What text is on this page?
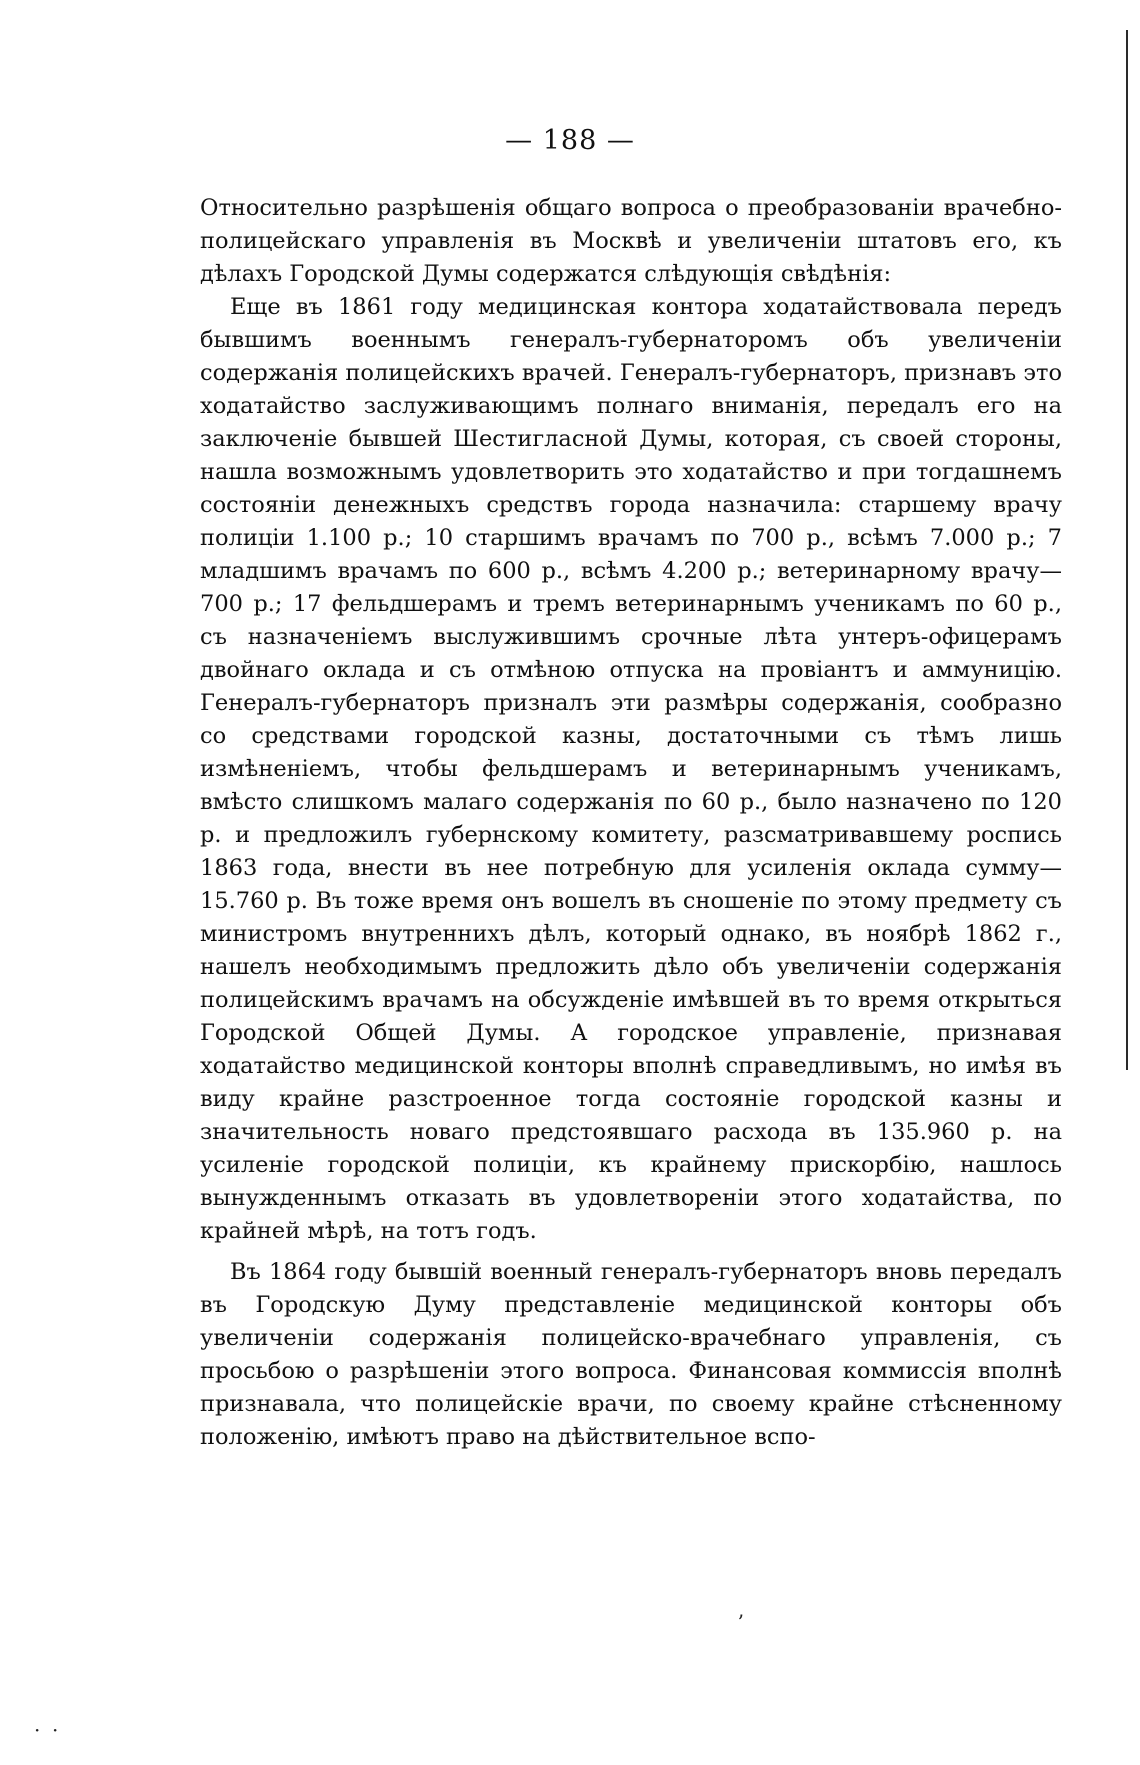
— 188 —

Относительно разрѣшенія общаго вопроса о преобразованіи врачебно-полицейскаго управленія въ Москвѣ и увеличеніи штатовъ его, къ дѣлахъ Городской Думы содержатся слѣдующія свѣдѣнія:

Еще въ 1861 году медицинская контора ходатайствовала передъ бывшимъ военнымъ генералъ-губернаторомъ объ увеличеніи содержанія полицейскихъ врачей. Генералъ-губернаторъ, признавъ это ходатайство заслуживающимъ полнаго вниманія, передалъ его на заключеніе бывшей Шестигласной Думы, которая, съ своей стороны, нашла возможнымъ удовлетворить это ходатайство и при тогдашнемъ состояніи денежныхъ средствъ города назначила: старшему врачу полиціи 1.100 р.; 10 старшимъ врачамъ по 700 р., всѣмъ 7.000 р.; 7 младшимъ врачамъ по 600 р., всѣмъ 4.200 р.; ветеринарному врачу—700 р.; 17 фельдшерамъ и тремъ ветеринарнымъ ученикамъ по 60 р., съ назначеніемъ выслужившимъ срочные лѣта унтеръ-офицерамъ двойнаго оклада и съ отмѣною отпуска на провіантъ и аммуницію. Генералъ-губернаторъ призналъ эти размѣры содержанія, сообразно со средствами городской казны, достаточными съ тѣмъ лишь измѣненіемъ, чтобы фельдшерамъ и ветеринарнымъ ученикамъ, вмѣсто слишкомъ малаго содержанія по 60 р., было назначено по 120 р. и предложилъ губернскому комитету, разсматривавшему роспись 1863 года, внести въ нее потребную для усиленія оклада сумму—15.760 р. Въ тоже время онъ вошелъ въ сношеніе по этому предмету съ министромъ внутреннихъ дѣлъ, который однако, въ ноябрѣ 1862 г., нашелъ необходимымъ предложить дѣло объ увеличеніи содержанія полицейскимъ врачамъ на обсужденіе имѣвшей въ то время открыться Городской Общей Думы. А городское управленіе, признавая ходатайство медицинской конторы вполнѣ справедливымъ, но имѣя въ виду крайне разстроенное тогда состояніе городской казны и значительность новаго предстоявшаго расхода въ 135.960 р. на усиленіе городской полиціи, къ крайнему прискорбію, нашлось вынужденнымъ отказать въ удовлетвореніи этого ходатайства, по крайней мѣрѣ, на тотъ годъ.

Въ 1864 году бывшій военный генералъ-губернаторъ вновь передалъ въ Городскую Думу представленіе медицинской конторы объ увеличеніи содержанія полицейско-врачебнаго управленія, съ просьбою о разрѣшеніи этого вопроса. Финансовая коммиссія вполнѣ признавала, что полицейскіе врачи, по своему крайне стѣсненному положенію, имѣютъ право на дѣйствительное вспо-

ʼ
· ·
